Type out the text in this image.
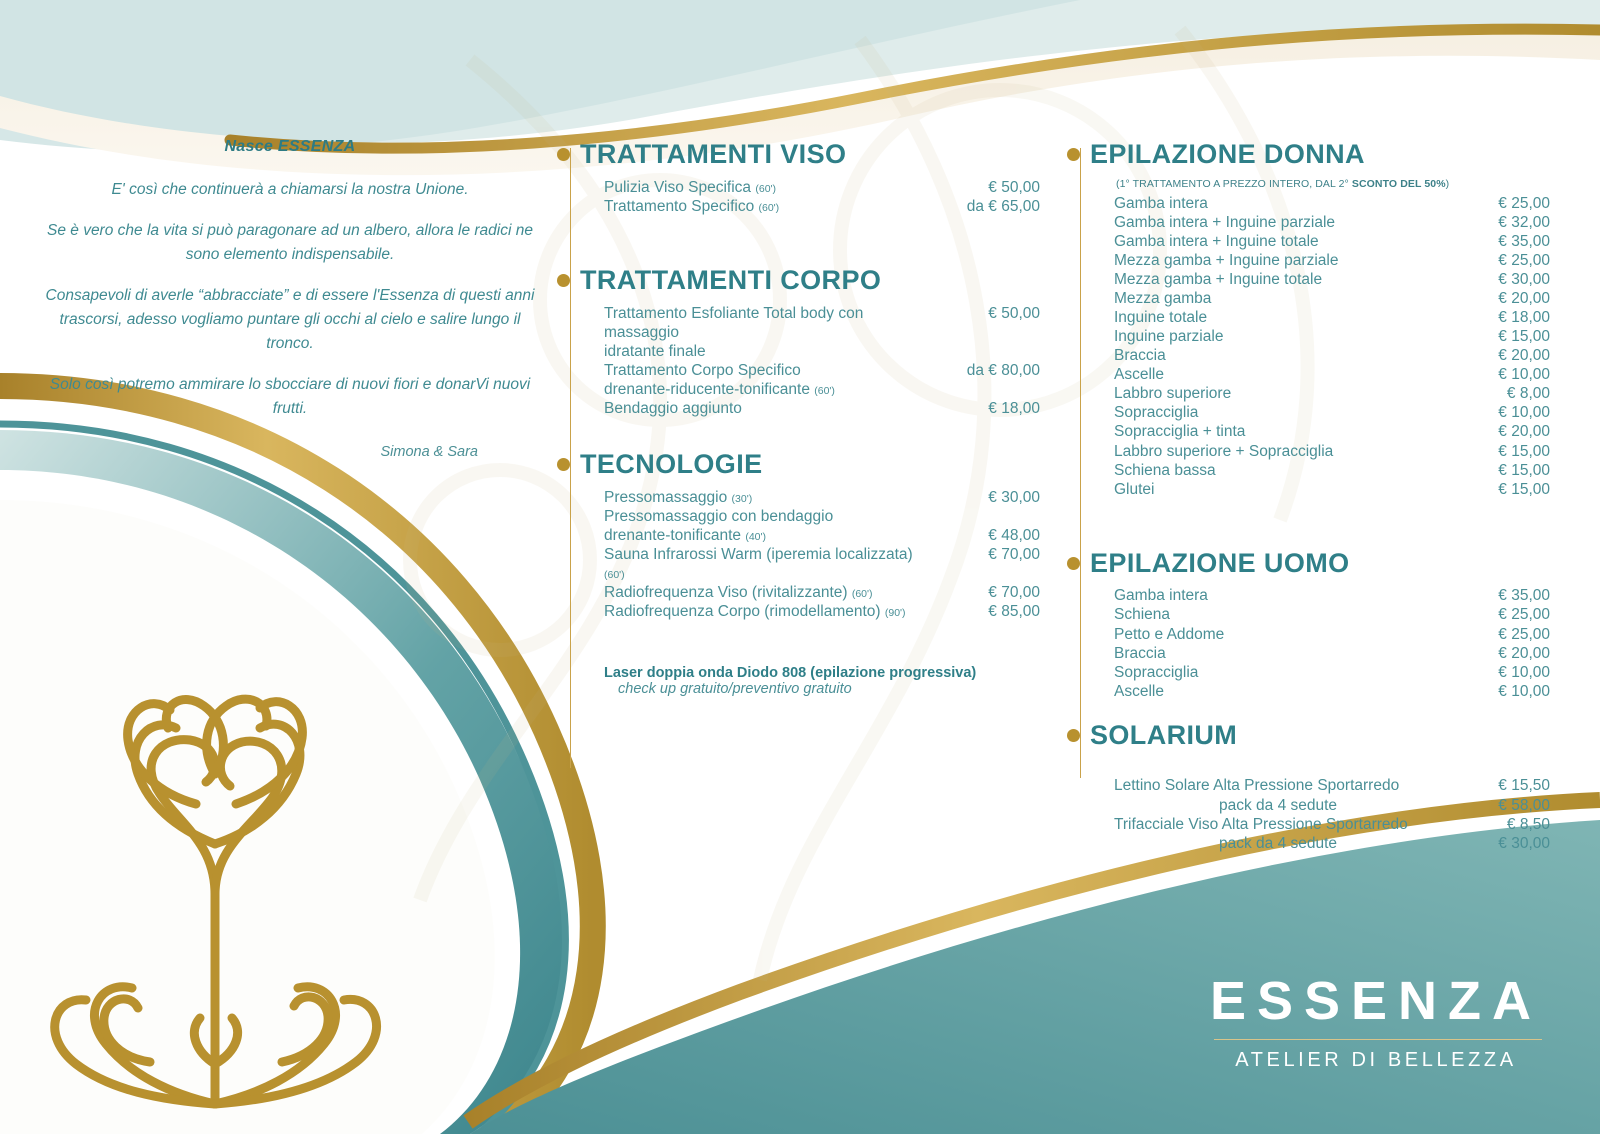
Nasce ESSENZA

E' così che continuerà a chiamarsi la nostra Unione.

Se è vero che la vita si può paragonare ad un albero, allora le radici ne sono elemento indispensabile.

Consapevoli di averle “abbracciate” e di essere l'Essenza di questi anni trascorsi, adesso vogliamo puntare gli occhi al cielo e salire lungo il tronco.

Solo così potremo ammirare lo sbocciare di nuovi fiori e donarVi nuovi frutti.

Simona & Sara
TRATTAMENTI VISO
Pulizia Viso Specifica (60')	€ 50,00
Trattamento Specifico (60')	da € 65,00
TRATTAMENTI CORPO
Trattamento Esfoliante Total body con massaggio
€ 50,00
idratante finale
Trattamento Corpo Specifico	da € 80,00
drenante-riducente-tonificante (60')
Bendaggio aggiunto	€ 18,00
TECNOLOGIE
Pressomassaggio (30')	€ 30,00
Pressomassaggio con bendaggio
drenante-tonificante (40')	€ 48,00
Sauna Infrarossi Warm (iperemia localizzata) (60')
€ 70,00
Radiofrequenza Viso (rivitalizzante) (60')	€ 70,00
Radiofrequenza Corpo (rimodellamento) (90')	€ 85,00
Laser doppia onda Diodo 808 (epilazione progressiva)
check up gratuito/preventivo gratuito
EPILAZIONE DONNA
(1° TRATTAMENTO A PREZZO INTERO, DAL 2° SCONTO DEL 50%)
Gamba intera	€ 25,00
Gamba intera + Inguine parziale	€ 32,00
Gamba intera + Inguine totale	€ 35,00
Mezza gamba + Inguine parziale	€ 25,00
Mezza gamba + Inguine totale	€ 30,00
Mezza gamba	€ 20,00
Inguine totale	€ 18,00
Inguine parziale	€ 15,00
Braccia	€ 20,00
Ascelle	€ 10,00
Labbro superiore	€ 8,00
Sopracciglia	€ 10,00
Sopracciglia + tinta	€ 20,00
Labbro superiore + Sopracciglia	€ 15,00
Schiena bassa	€ 15,00
Glutei	€ 15,00
EPILAZIONE UOMO
Gamba intera	€ 35,00
Schiena	€ 25,00
Petto e Addome	€ 25,00
Braccia	€ 20,00
Sopracciglia	€ 10,00
Ascelle	€ 10,00
SOLARIUM
Lettino Solare Alta Pressione Sportarredo	€ 15,50
pack da 4 sedute	€ 58,00
Trifacciale Viso Alta Pressione Sportarredo	€ 8,50
pack da 4 sedute	€ 30,00
ESSENZA
ATELIER DI BELLEZZA
